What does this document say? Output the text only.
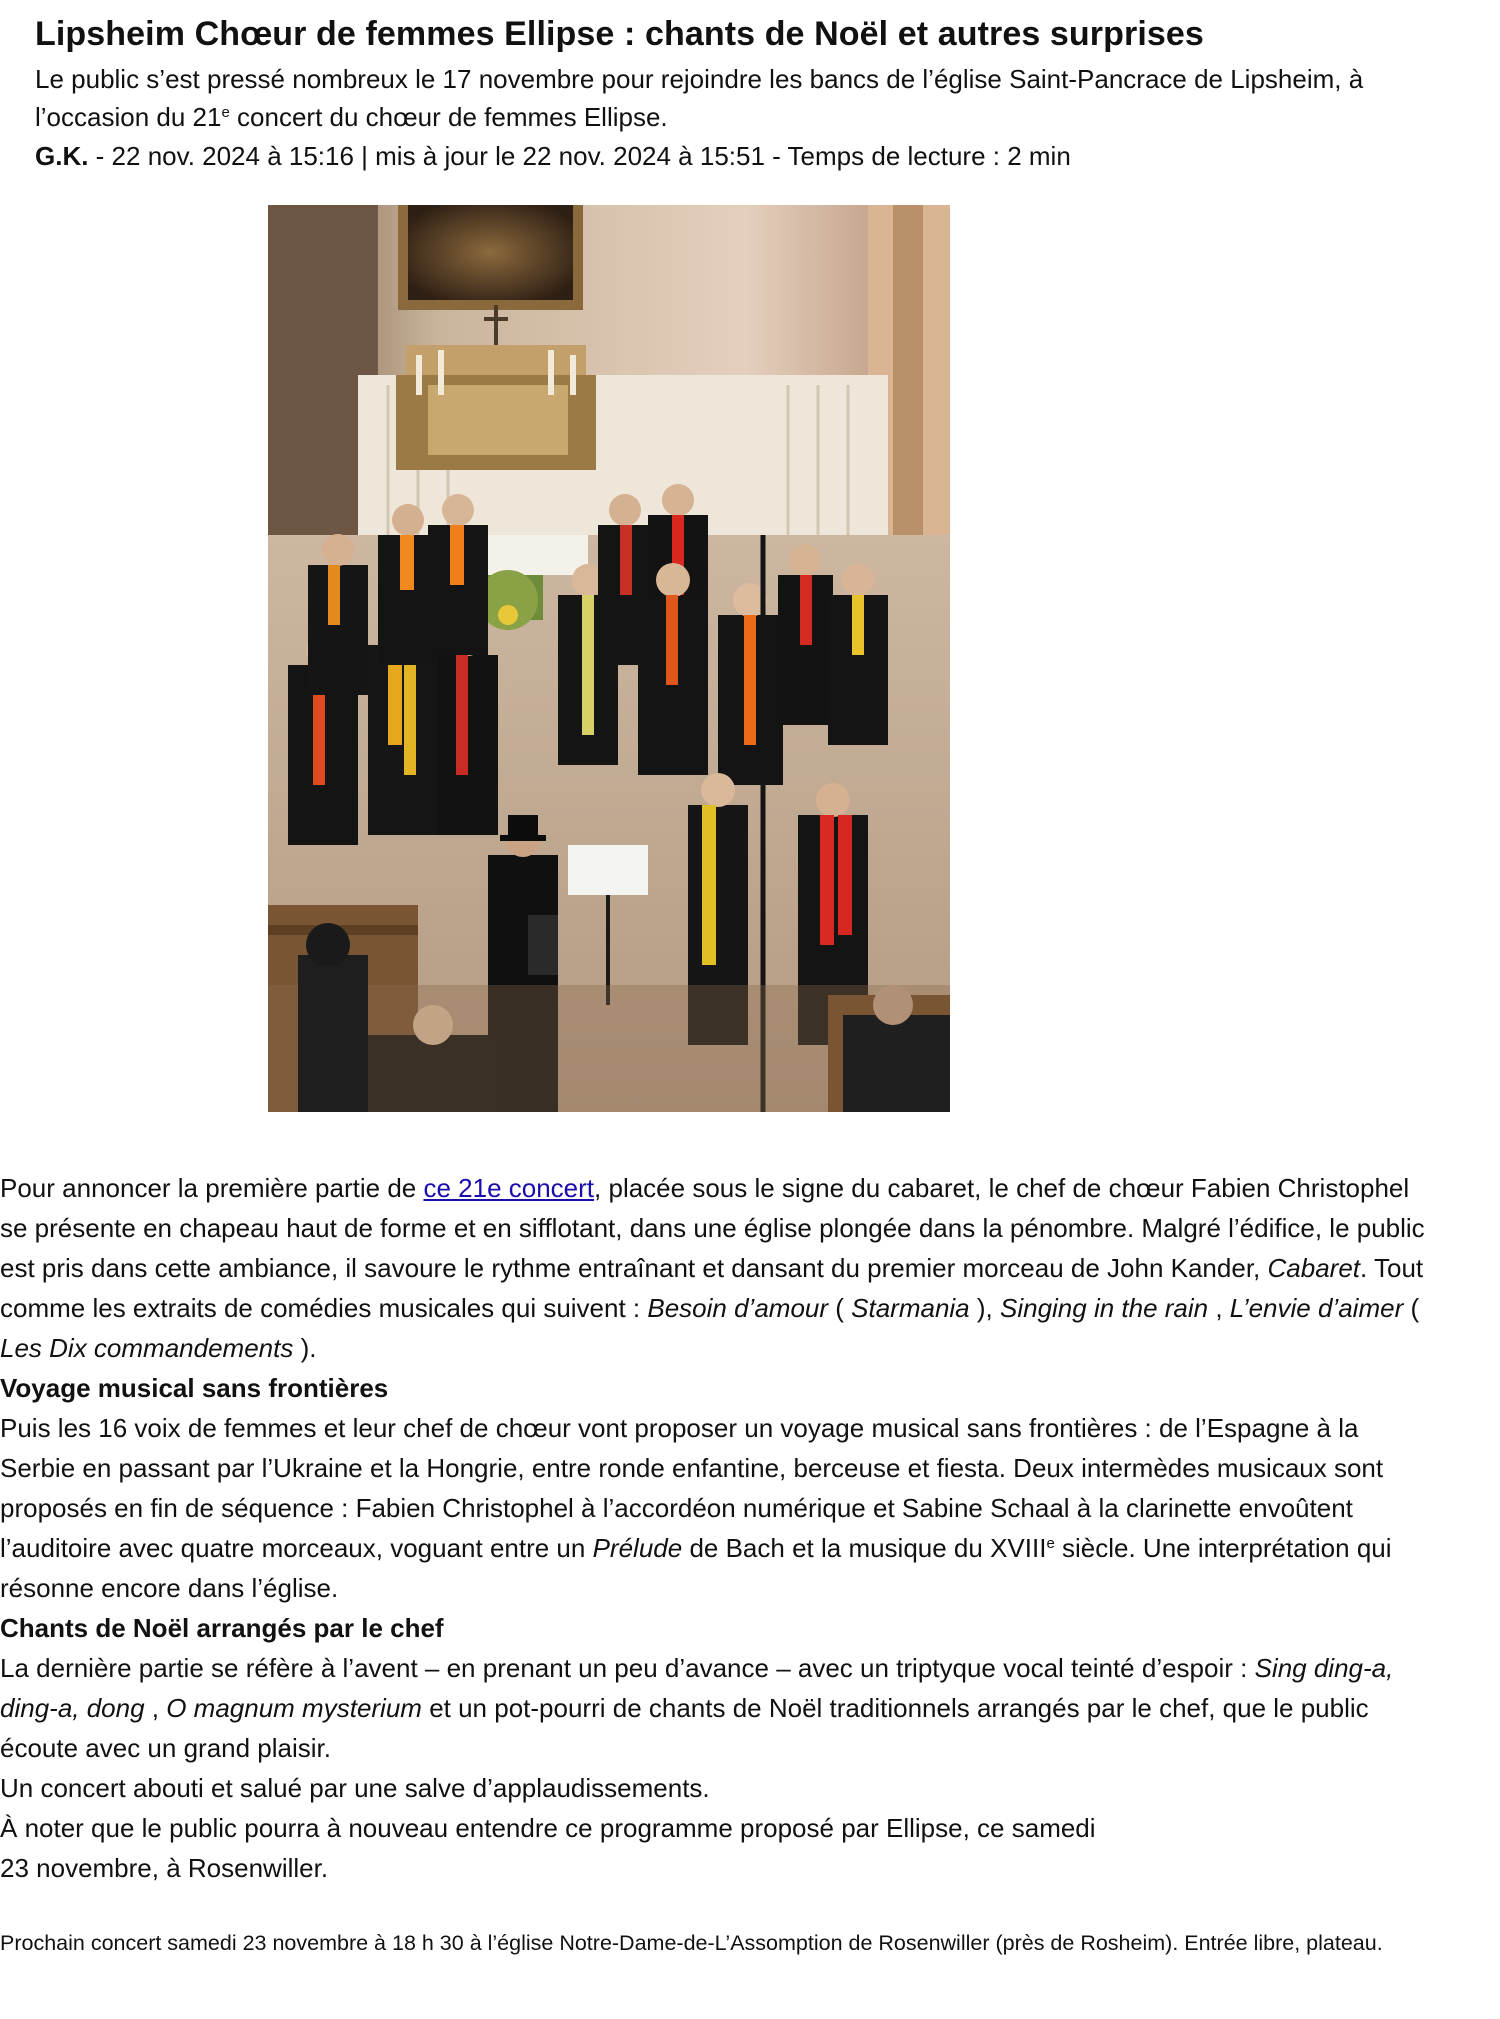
Lipsheim Chœur de femmes Ellipse : chants de Noël et autres surprises

Le public s’est pressé nombreux le 17 novembre pour rejoindre les bancs de l’église Saint-Pancrace de Lipsheim, à l’occasion du 21e concert du chœur de femmes Ellipse.

G.K. - 22 nov. 2024 à 15:16 | mis à jour le 22 nov. 2024 à 15:51 - Temps de lecture : 2 min

Pour annoncer la première partie de ce 21e concert, placée sous le signe du cabaret, le chef de chœur Fabien Christophel se présente en chapeau haut de forme et en sifflotant, dans une église plongée dans la pénombre. Malgré l’édifice, le public est pris dans cette ambiance, il savoure le rythme entraînant et dansant du premier morceau de John Kander, Cabaret. Tout comme les extraits de comédies musicales qui suivent : Besoin d’amour ( Starmania ), Singing in the rain , L’envie d’aimer ( Les Dix commandements ).

Voyage musical sans frontières

Puis les 16 voix de femmes et leur chef de chœur vont proposer un voyage musical sans frontières : de l’Espagne à la Serbie en passant par l’Ukraine et la Hongrie, entre ronde enfantine, berceuse et fiesta. Deux intermèdes musicaux sont proposés en fin de séquence : Fabien Christophel à l’accordéon numérique et Sabine Schaal à la clarinette envoûtent l’auditoire avec quatre morceaux, voguant entre un Prélude de Bach et la musique du XVIIIe siècle. Une interprétation qui résonne encore dans l’église.

Chants de Noël arrangés par le chef

La dernière partie se réfère à l’avent – en prenant un peu d’avance – avec un triptyque vocal teinté d’espoir : Sing ding-a, ding-a, dong , O magnum mysterium et un pot-pourri de chants de Noël traditionnels arrangés par le chef, que le public écoute avec un grand plaisir.

Un concert abouti et salué par une salve d’applaudissements.

À noter que le public pourra à nouveau entendre ce programme proposé par Ellipse, ce samedi

23 novembre, à Rosenwiller.

Prochain concert samedi 23 novembre à 18 h 30 à l’église Notre-Dame-de-L’Assomption de Rosenwiller (près de Rosheim). Entrée libre, plateau.
